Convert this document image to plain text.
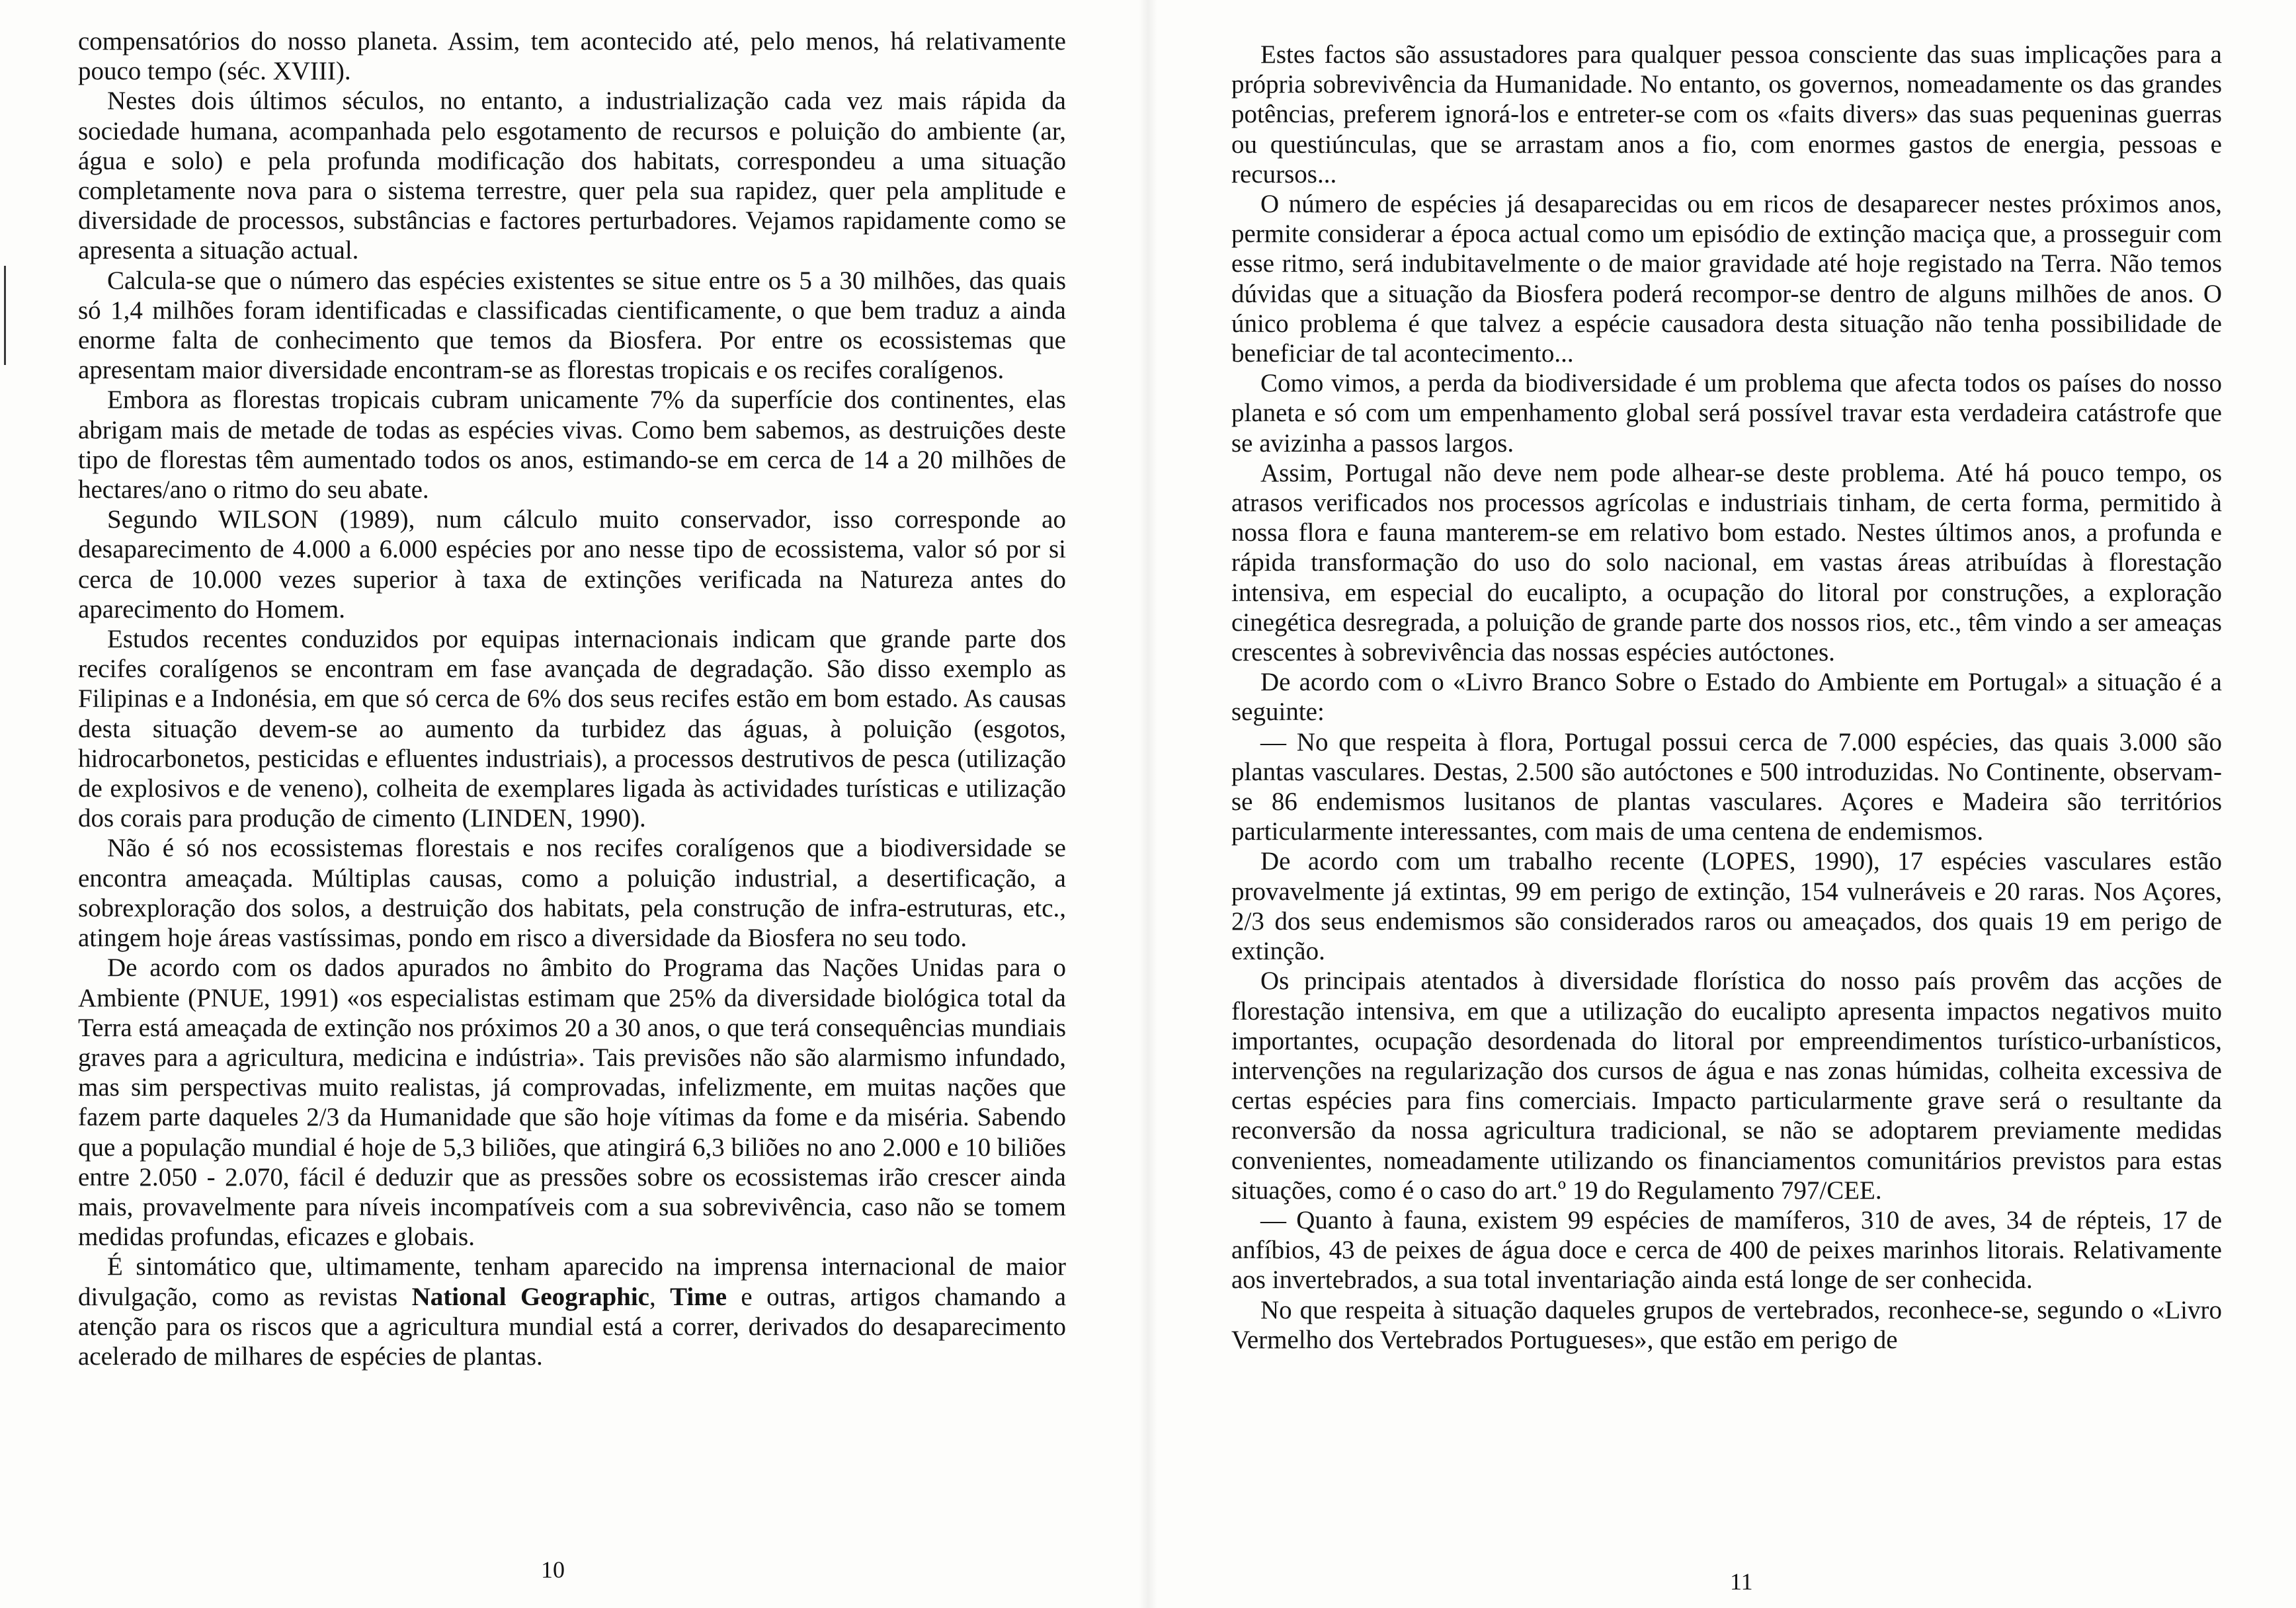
compensatórios do nosso planeta. Assim, tem acontecido até, pelo menos, há relativamente pouco tempo (séc. XVIII).

Nestes dois últimos séculos, no entanto, a industrialização cada vez mais rápida da sociedade humana, acompanhada pelo esgotamento de recursos e poluição do ambiente (ar, água e solo) e pela profunda modificação dos habitats, correspondeu a uma situação completamente nova para o sistema terrestre, quer pela sua rapidez, quer pela amplitude e diversidade de processos, substâncias e factores perturbadores. Vejamos rapidamente como se apresenta a situação actual.

Calcula-se que o número das espécies existentes se situe entre os 5 a 30 milhões, das quais só 1,4 milhões foram identificadas e classificadas cientificamente, o que bem traduz a ainda enorme falta de conhecimento que temos da Biosfera. Por entre os ecossistemas que apresentam maior diversidade encontram-se as florestas tropicais e os recifes coralígenos.

Embora as florestas tropicais cubram unicamente 7% da superfície dos continentes, elas abrigam mais de metade de todas as espécies vivas. Como bem sabemos, as destruições deste tipo de florestas têm aumentado todos os anos, estimando-se em cerca de 14 a 20 milhões de hectares/ano o ritmo do seu abate.

Segundo WILSON (1989), num cálculo muito conservador, isso corresponde ao desaparecimento de 4.000 a 6.000 espécies por ano nesse tipo de ecossistema, valor só por si cerca de 10.000 vezes superior à taxa de extinções verificada na Natureza antes do aparecimento do Homem.

Estudos recentes conduzidos por equipas internacionais indicam que grande parte dos recifes coralígenos se encontram em fase avançada de degradação. São disso exemplo as Filipinas e a Indonésia, em que só cerca de 6% dos seus recifes estão em bom estado. As causas desta situação devem-se ao aumento da turbidez das águas, à poluição (esgotos, hidrocarbonetos, pesticidas e efluentes industriais), a processos destrutivos de pesca (utilização de explosivos e de veneno), colheita de exemplares ligada às actividades turísticas e utilização dos corais para produção de cimento (LINDEN, 1990).

Não é só nos ecossistemas florestais e nos recifes coralígenos que a biodiversidade se encontra ameaçada. Múltiplas causas, como a poluição industrial, a desertificação, a sobrexploração dos solos, a destruição dos habitats, pela construção de infra-estruturas, etc., atingem hoje áreas vastíssimas, pondo em risco a diversidade da Biosfera no seu todo.

De acordo com os dados apurados no âmbito do Programa das Nações Unidas para o Ambiente (PNUE, 1991) «os especialistas estimam que 25% da diversidade biológica total da Terra está ameaçada de extinção nos próximos 20 a 30 anos, o que terá consequências mundiais graves para a agricultura, medicina e indústria». Tais previsões não são alarmismo infundado, mas sim perspectivas muito realistas, já comprovadas, infelizmente, em muitas nações que fazem parte daqueles 2/3 da Humanidade que são hoje vítimas da fome e da miséria. Sabendo que a população mundial é hoje de 5,3 biliões, que atingirá 6,3 biliões no ano 2.000 e 10 biliões entre 2.050 - 2.070, fácil é deduzir que as pressões sobre os ecossistemas irão crescer ainda mais, provavelmente para níveis incompatíveis com a sua sobrevivência, caso não se tomem medidas profundas, eficazes e globais.

É sintomático que, ultimamente, tenham aparecido na imprensa internacional de maior divulgação, como as revistas National Geographic, Time e outras, artigos chamando a atenção para os riscos que a agricultura mundial está a correr, derivados do desaparecimento acelerado de milhares de espécies de plantas.

10

Estes factos são assustadores para qualquer pessoa consciente das suas implicações para a própria sobrevivência da Humanidade. No entanto, os governos, nomeadamente os das grandes potências, preferem ignorá-los e entreter-se com os «faits divers» das suas pequeninas guerras ou questiúnculas, que se arrastam anos a fio, com enormes gastos de energia, pessoas e recursos...

O número de espécies já desaparecidas ou em ricos de desaparecer nestes próximos anos, permite considerar a época actual como um episódio de extinção maciça que, a prosseguir com esse ritmo, será indubitavelmente o de maior gravidade até hoje registado na Terra. Não temos dúvidas que a situação da Biosfera poderá recompor-se dentro de alguns milhões de anos. O único problema é que talvez a espécie causadora desta situação não tenha possibilidade de beneficiar de tal acontecimento...

Como vimos, a perda da biodiversidade é um problema que afecta todos os países do nosso planeta e só com um empenhamento global será possível travar esta verdadeira catástrofe que se avizinha a passos largos.

Assim, Portugal não deve nem pode alhear-se deste problema. Até há pouco tempo, os atrasos verificados nos processos agrícolas e industriais tinham, de certa forma, permitido à nossa flora e fauna manterem-se em relativo bom estado. Nestes últimos anos, a profunda e rápida transformação do uso do solo nacional, em vastas áreas atribuídas à florestação intensiva, em especial do eucalipto, a ocupação do litoral por construções, a exploração cinegética desregrada, a poluição de grande parte dos nossos rios, etc., têm vindo a ser ameaças crescentes à sobrevivência das nossas espécies autóctones.

De acordo com o «Livro Branco Sobre o Estado do Ambiente em Portugal» a situação é a seguinte:

— No que respeita à flora, Portugal possui cerca de 7.000 espécies, das quais 3.000 são plantas vasculares. Destas, 2.500 são autóctones e 500 introduzidas. No Continente, observam-se 86 endemismos lusitanos de plantas vasculares. Açores e Madeira são territórios particularmente interessantes, com mais de uma centena de endemismos.

De acordo com um trabalho recente (LOPES, 1990), 17 espécies vasculares estão provavelmente já extintas, 99 em perigo de extinção, 154 vulneráveis e 20 raras. Nos Açores, 2/3 dos seus endemismos são considerados raros ou ameaçados, dos quais 19 em perigo de extinção.

Os principais atentados à diversidade florística do nosso país provêm das acções de florestação intensiva, em que a utilização do eucalipto apresenta impactos negativos muito importantes, ocupação desordenada do litoral por empreendimentos turístico-urbanísticos, intervenções na regularização dos cursos de água e nas zonas húmidas, colheita excessiva de certas espécies para fins comerciais. Impacto particularmente grave será o resultante da reconversão da nossa agricultura tradicional, se não se adoptarem previamente medidas convenientes, nomeadamente utilizando os financiamentos comunitários previstos para estas situações, como é o caso do art.º 19 do Regulamento 797/CEE.

— Quanto à fauna, existem 99 espécies de mamíferos, 310 de aves, 34 de répteis, 17 de anfíbios, 43 de peixes de água doce e cerca de 400 de peixes marinhos litorais. Relativamente aos invertebrados, a sua total inventariação ainda está longe de ser conhecida.

No que respeita à situação daqueles grupos de vertebrados, reconhece-se, segundo o «Livro Vermelho dos Vertebrados Portugueses», que estão em perigo de

11
